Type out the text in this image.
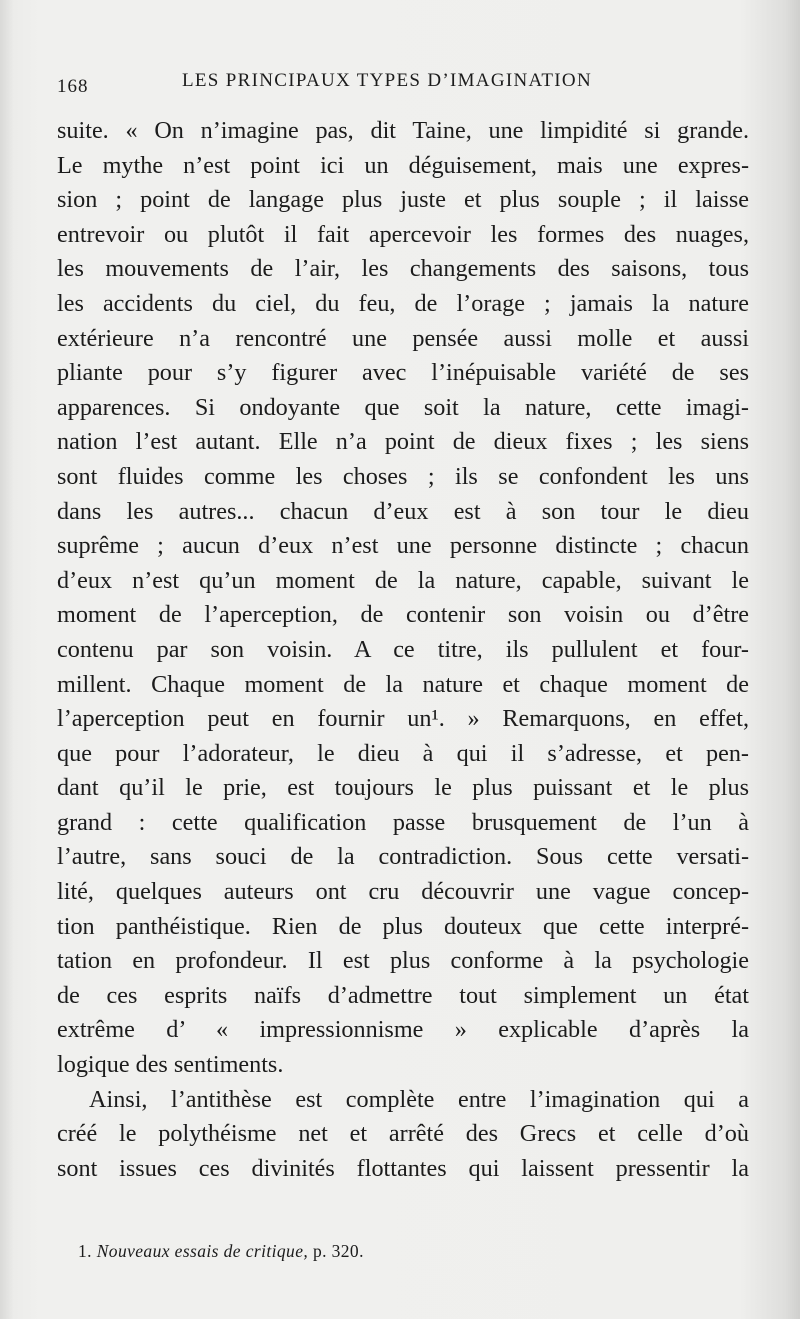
168	LES PRINCIPAUX TYPES D’IMAGINATION
suite. « On n’imagine pas, dit Taine, une limpidité si grande.
Le mythe n’est point ici un déguisement, mais une expres-
sion ; point de langage plus juste et plus souple ; il laisse
entrevoir ou plutôt il fait apercevoir les formes des nuages,
les mouvements de l’air, les changements des saisons, tous
les accidents du ciel, du feu, de l’orage ; jamais la nature
extérieure n’a rencontré une pensée aussi molle et aussi
pliante pour s’y figurer avec l’inépuisable variété de ses
apparences. Si ondoyante que soit la nature, cette imagi-
nation l’est autant. Elle n’a point de dieux fixes ; les siens
sont fluides comme les choses ; ils se confondent les uns
dans les autres... chacun d’eux est à son tour le dieu
suprême ; aucun d’eux n’est une personne distincte ; chacun
d’eux n’est qu’un moment de la nature, capable, suivant le
moment de l’aperception, de contenir son voisin ou d’être
contenu par son voisin. A ce titre, ils pullulent et four-
millent. Chaque moment de la nature et chaque moment de
l’aperception peut en fournir un¹. » Remarquons, en effet,
que pour l’adorateur, le dieu à qui il s’adresse, et pen-
dant qu’il le prie, est toujours le plus puissant et le plus
grand : cette qualification passe brusquement de l’un à
l’autre, sans souci de la contradiction. Sous cette versati-
lité, quelques auteurs ont cru découvrir une vague concep-
tion panthéistique. Rien de plus douteux que cette interpré-
tation en profondeur. Il est plus conforme à la psychologie
de ces esprits naïfs d’admettre tout simplement un état
extrême d’ « impressionnisme » explicable d’après la
logique des sentiments.
Ainsi, l’antithèse est complète entre l’imagination qui a
créé le polythéisme net et arrêté des Grecs et celle d’où
sont issues ces divinités flottantes qui laissent pressentir la
1. Nouveaux essais de critique, p. 320.
